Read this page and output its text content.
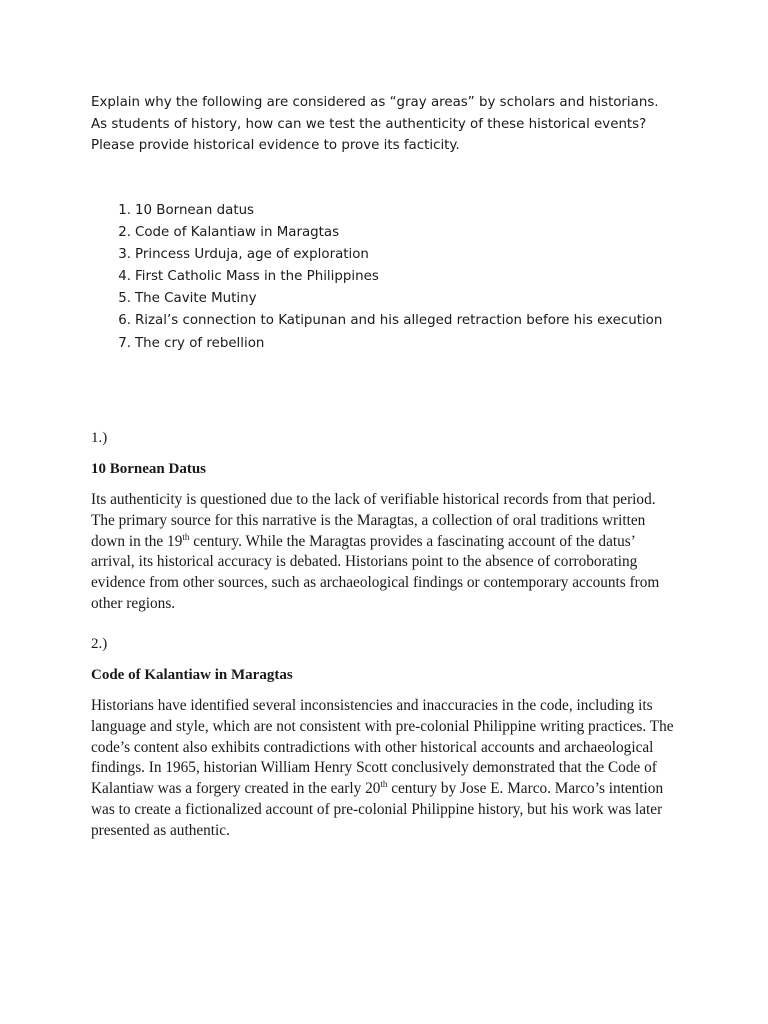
Explain why the following are considered as “gray areas” by scholars and historians. As students of history, how can we test the authenticity of these historical events? Please provide historical evidence to prove its facticity.

1. 10 Bornean datus
2. Code of Kalantiaw in Maragtas
3. Princess Urduja, age of exploration
4. First Catholic Mass in the Philippines
5. The Cavite Mutiny
6. Rizal’s connection to Katipunan and his alleged retraction before his execution
7. The cry of rebellion

1.)

10 Bornean Datus

Its authenticity is questioned due to the lack of verifiable historical records from that period. The primary source for this narrative is the Maragtas, a collection of oral traditions written down in the 19th century. While the Maragtas provides a fascinating account of the datus’ arrival, its historical accuracy is debated. Historians point to the absence of corroborating evidence from other sources, such as archaeological findings or contemporary accounts from other regions.

2.)

Code of Kalantiaw in Maragtas

Historians have identified several inconsistencies and inaccuracies in the code, including its language and style, which are not consistent with pre-colonial Philippine writing practices. The code’s content also exhibits contradictions with other historical accounts and archaeological findings. In 1965, historian William Henry Scott conclusively demonstrated that the Code of Kalantiaw was a forgery created in the early 20th century by Jose E. Marco. Marco’s intention was to create a fictionalized account of pre-colonial Philippine history, but his work was later presented as authentic.
